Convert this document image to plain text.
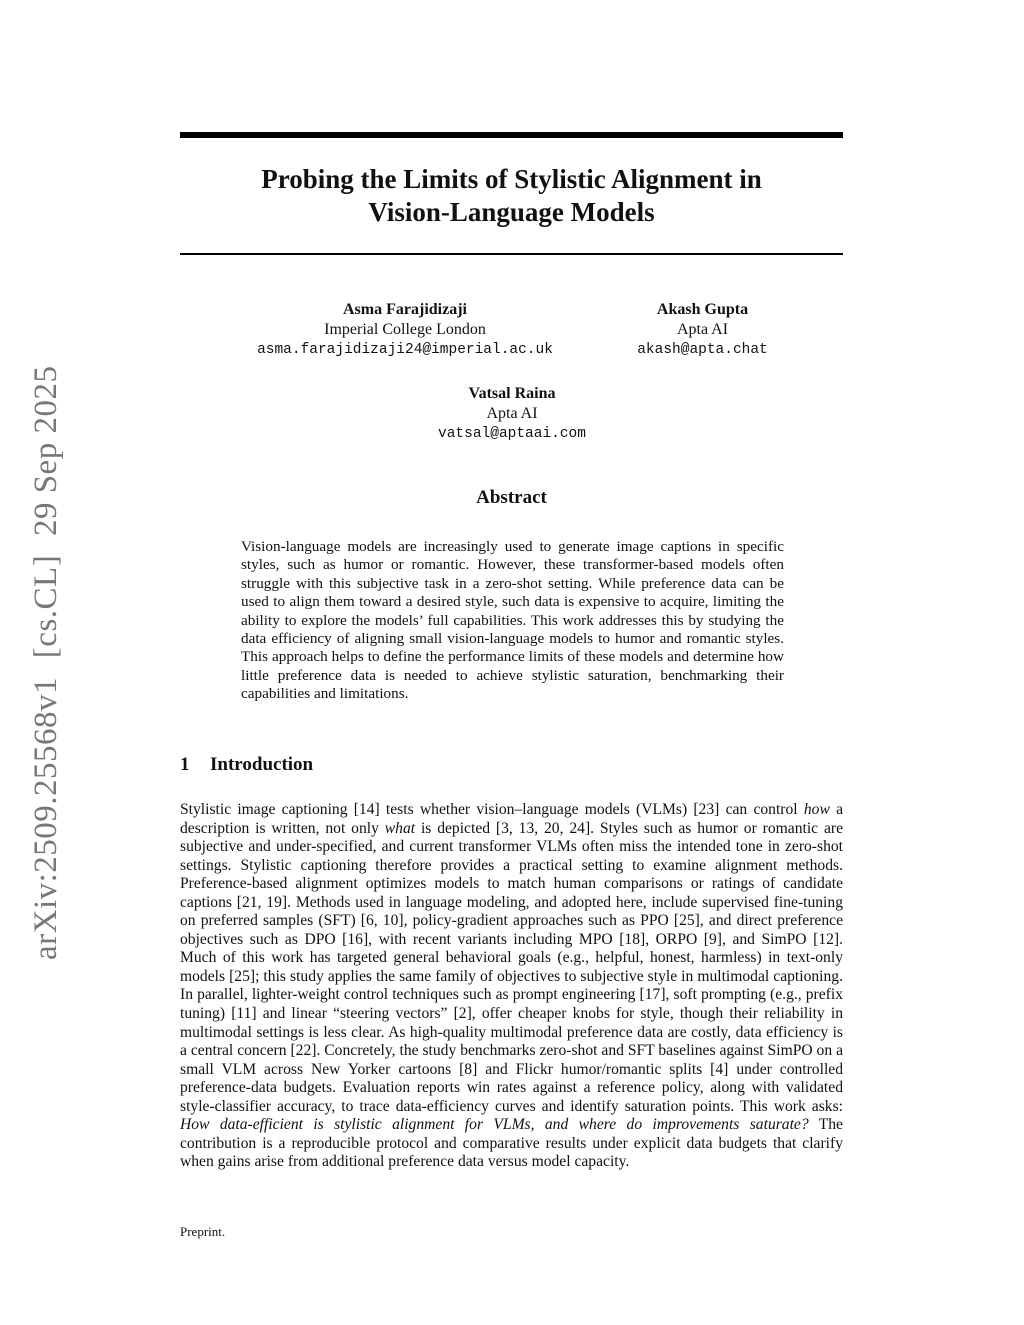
arXiv:2509.25568v1 [cs.CL] 29 Sep 2025
Probing the Limits of Stylistic Alignment in
Vision-Language Models
Asma Farajidizaji
Imperial College London
asma.farajidizaji24@imperial.ac.uk
Akash Gupta
Apta AI
akash@apta.chat
Vatsal Raina
Apta AI
vatsal@aptaai.com
Abstract

Vision-language models are increasingly used to generate image captions in specific styles, such as humor or romantic. However, these transformer-based models often struggle with this subjective task in a zero-shot setting. While preference data can be used to align them toward a desired style, such data is expensive to acquire, limiting the ability to explore the models’ full capabilities. This work addresses this by studying the data efficiency of aligning small vision-language models to humor and romantic styles. This approach helps to define the performance limits of these models and determine how little preference data is needed to achieve stylistic saturation, benchmarking their capabilities and limitations.

1 Introduction

Stylistic image captioning [14] tests whether vision–language models (VLMs) [23] can control how a description is written, not only what is depicted [3, 13, 20, 24]. Styles such as humor or romantic are subjective and under-specified, and current transformer VLMs often miss the intended tone in zero-shot settings. Stylistic captioning therefore provides a practical setting to examine alignment methods. Preference-based alignment optimizes models to match human comparisons or ratings of candidate captions [21, 19]. Methods used in language modeling, and adopted here, include supervised fine-tuning on preferred samples (SFT) [6, 10], policy-gradient approaches such as PPO [25], and direct preference objectives such as DPO [16], with recent variants including MPO [18], ORPO [9], and SimPO [12]. Much of this work has targeted general behavioral goals (e.g., helpful, honest, harmless) in text-only models [25]; this study applies the same family of objectives to subjective style in multimodal captioning. In parallel, lighter-weight control techniques such as prompt engineering [17], soft prompting (e.g., prefix tuning) [11] and linear “steering vectors” [2], offer cheaper knobs for style, though their reliability in multimodal settings is less clear. As high-quality multimodal preference data are costly, data efficiency is a central concern [22]. Concretely, the study benchmarks zero-shot and SFT baselines against SimPO on a small VLM across New Yorker cartoons [8] and Flickr humor/romantic splits [4] under controlled preference-data budgets. Evaluation reports win rates against a reference policy, along with validated style-classifier accuracy, to trace data-efficiency curves and identify saturation points. This work asks: How data-efficient is stylistic alignment for VLMs, and where do improvements saturate? The contribution is a reproducible protocol and comparative results under explicit data budgets that clarify when gains arise from additional preference data versus model capacity.

Preprint.
